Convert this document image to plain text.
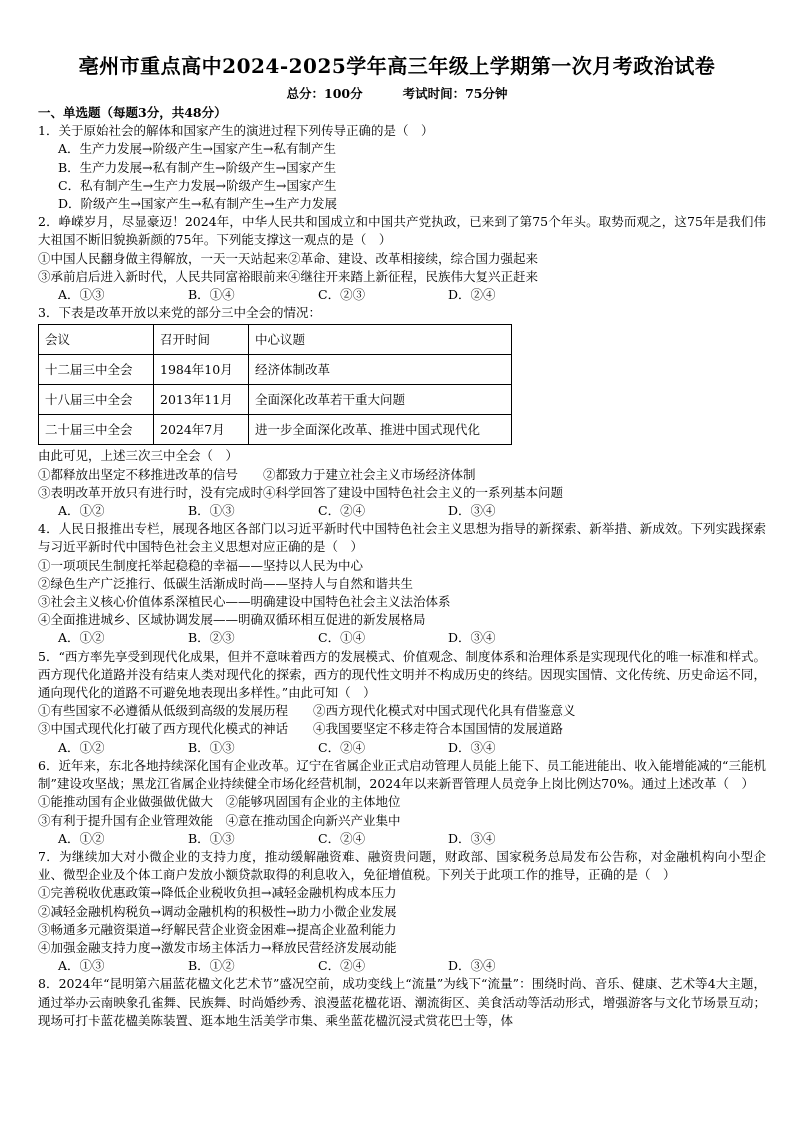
亳州市重点高中2024-2025学年高三年级上学期第一次月考政治试卷
总分：100分	考试时间：75分钟
一、单选题（每题3分，共48分）
1．关于原始社会的解体和国家产生的演进过程下列传导正确的是（　）
A．生产力发展→阶级产生→国家产生→私有制产生
B．生产力发展→私有制产生→阶级产生→国家产生
C．私有制产生→生产力发展→阶级产生→国家产生
D．阶级产生→国家产生→私有制产生→生产力发展
2．峥嵘岁月，尽显豪迈！2024年，中华人民共和国成立和中国共产党执政，已来到了第75个年头。取势而观之，这75年是我们伟大祖国不断旧貌换新颜的75年。下列能支撑这一观点的是（　）
①中国人民翻身做主得解放，一天一天站起来②革命、建设、改革相接续，综合国力强起来
③承前启后进入新时代，人民共同富裕眼前来④继往开来踏上新征程，民族伟大复兴正赶来
A．①③	B．①④	C．②③	D．②④
3．下表是改革开放以来党的部分三中全会的情况：
会议	召开时间	中心议题
十二届三中全会	1984年10月	经济体制改革
十八届三中全会	2013年11月	全面深化改革若干重大问题
二十届三中全会	2024年7月	进一步全面深化改革、推进中国式现代化
由此可见，上述三次三中全会（　）
①都释放出坚定不移推进改革的信号　　②都致力于建立社会主义市场经济体制
③表明改革开放只有进行时，没有完成时④科学回答了建设中国特色社会主义的一系列基本问题
A．①②	B．①③	C．②④	D．③④
4．人民日报推出专栏，展现各地区各部门以习近平新时代中国特色社会主义思想为指导的新探索、新举措、新成效。下列实践探索与习近平新时代中国特色社会主义思想对应正确的是（　）
①一项项民生制度托举起稳稳的幸福——坚持以人民为中心
②绿色生产广泛推行、低碳生活渐成时尚——坚持人与自然和谐共生
③社会主义核心价值体系深植民心——明确建设中国特色社会主义法治体系
④全面推进城乡、区域协调发展——明确双循环相互促进的新发展格局
A．①②	B．②③	C．①④	D．③④
5．“西方率先享受到现代化成果，但并不意味着西方的发展模式、价值观念、制度体系和治理体系是实现现代化的唯一标准和样式。西方现代化道路并没有结束人类对现代化的探索，西方的现代性文明并不构成历史的终结。因现实国情、文化传统、历史命运不同，通向现代化的道路不可避免地表现出多样性。”由此可知（　）
①有些国家不必遵循从低级到高级的发展历程　　②西方现代化模式对中国式现代化具有借鉴意义
③中国式现代化打破了西方现代化模式的神话　　④我国要坚定不移走符合本国国情的发展道路
A．①②	B．①③	C．②④	D．③④
6．近年来，东北各地持续深化国有企业改革。辽宁在省属企业正式启动管理人员能上能下、员工能进能出、收入能增能减的“三能机制”建设攻坚战；黑龙江省属企业持续健全市场化经营机制，2024年以来新晋管理人员竞争上岗比例达70%。通过上述改革（　）
①能推动国有企业做强做优做大　②能够巩固国有企业的主体地位
③有利于提升国有企业管理效能　④意在推动国企向新兴产业集中
A．①②	B．①③	C．②④	D．③④
7．为继续加大对小微企业的支持力度，推动缓解融资难、融资贵问题，财政部、国家税务总局发布公告称，对金融机构向小型企业、微型企业及个体工商户发放小额贷款取得的利息收入，免征增值税。下列关于此项工作的推导，正确的是（　）
①完善税收优惠政策→降低企业税收负担→减轻金融机构成本压力
②减轻金融机构税负→调动金融机构的积极性→助力小微企业发展
③畅通多元融资渠道→纾解民营企业资金困难→提高企业盈利能力
④加强金融支持力度→激发市场主体活力→释放民营经济发展动能
A．①③	B．①②	C．②④	D．③④
8．2024年“昆明第六届蓝花楹文化艺术节”盛况空前，成功变线上“流量”为线下“流量”：围绕时尚、音乐、健康、艺术等4大主题，通过举办云南映象孔雀舞、民族舞、时尚婚纱秀、浪漫蓝花楹花语、潮流街区、美食活动等活动形式，增强游客与文化节场景互动；现场可打卡蓝花楹美陈装置、逛本地生活美学市集、乘坐蓝花楹沉浸式赏花巴士等，体
